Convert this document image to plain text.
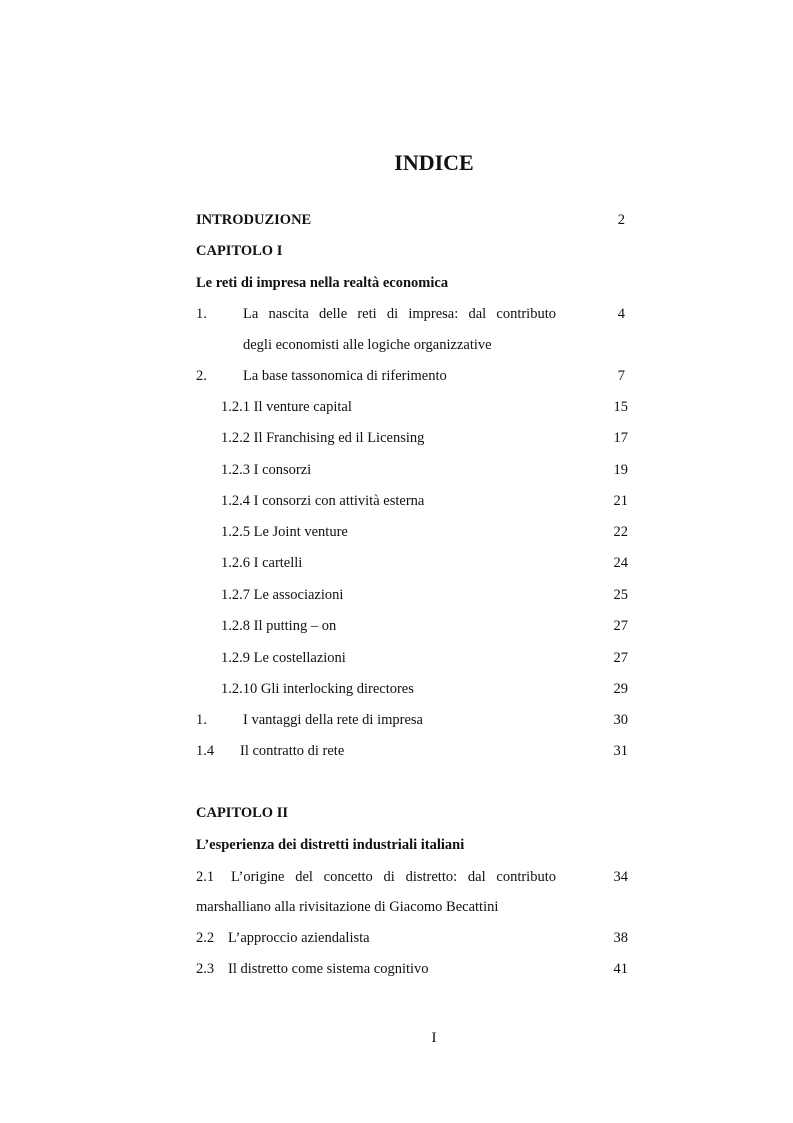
INDICE
INTRODUZIONE	2
CAPITOLO I
Le reti di impresa nella realtà economica
1. La nascita delle reti di impresa: dal contributo	4
degli economisti alle logiche organizzative
2. La base tassonomica di riferimento	7
1.2.1 Il venture capital	15
1.2.2 Il Franchising ed il Licensing	17
1.2.3 I consorzi	19
1.2.4 I consorzi con attività esterna	21
1.2.5 Le Joint venture	22
1.2.6 I cartelli	24
1.2.7 Le associazioni	25
1.2.8 Il putting – on	27
1.2.9 Le costellazioni	27
1.2.10 Gli interlocking directores	29
1. I vantaggi della rete di impresa	30
1.4 Il contratto di rete	31
CAPITOLO II
L’esperienza dei distretti industriali italiani
2.1 L’origine del concetto di distretto: dal contributo	34
marshalliano alla rivisitazione di Giacomo Becattini
2.2 L’approccio aziendalista	38
2.3 Il distretto come sistema cognitivo	41
I
